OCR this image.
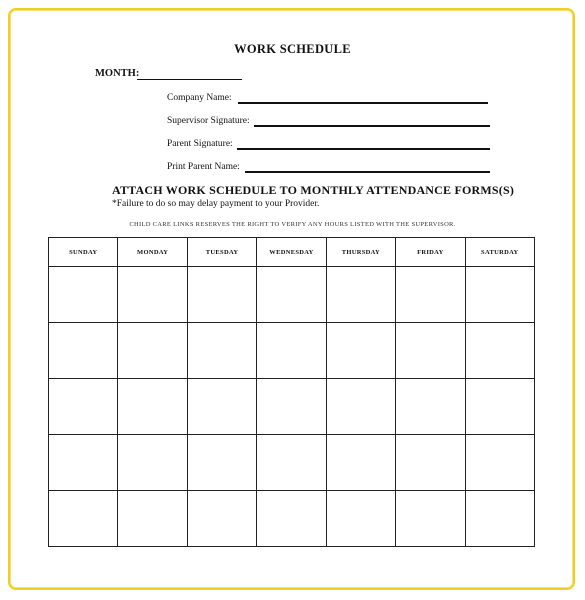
WORK SCHEDULE
MONTH:
Company Name:
Supervisor Signature:
Parent Signature:
Print Parent Name:
ATTACH WORK SCHEDULE TO MONTHLY ATTENDANCE FORMS(S)
*Failure to do so may delay payment to your Provider.
CHILD CARE LINKS RESERVES THE RIGHT TO VERIFY ANY HOURS LISTED WITH THE SUPERVISOR.
SUNDAY	MONDAY	TUESDAY	WEDNESDAY	THURSDAY	FRIDAY	SATURDAY
